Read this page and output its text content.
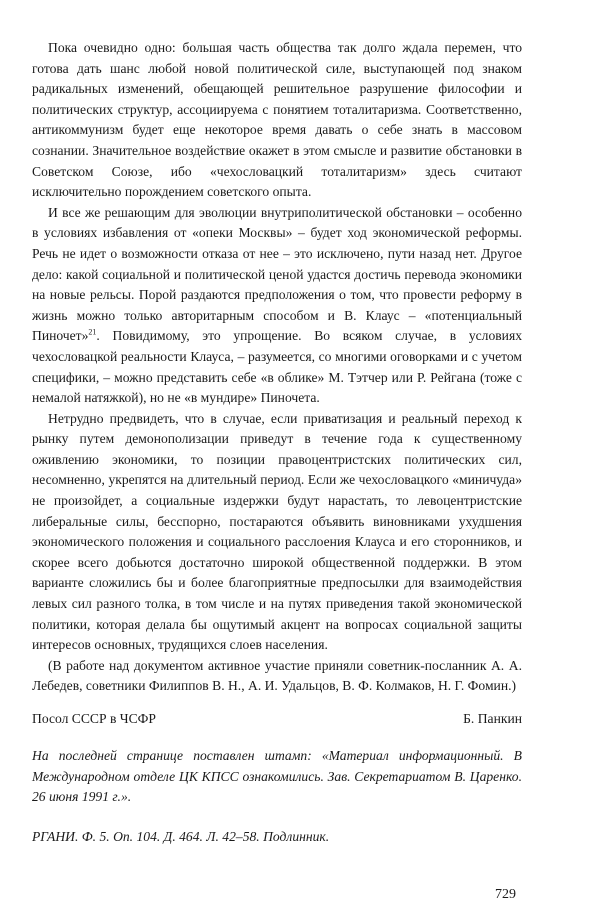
Пока очевидно одно: большая часть общества так долго ждала перемен, что готова дать шанс любой новой политической силе, выступающей под знаком радикальных изменений, обещающей решительное разрушение философии и политических структур, ассоциируема с понятием тоталитаризма. Соответственно, антикоммунизм будет еще некоторое время давать о себе знать в массовом сознании. Значительное воздействие окажет в этом смысле и развитие обстановки в Советском Союзе, ибо «чехословацкий тоталитаризм» здесь считают исключительно порождением советского опыта.

И все же решающим для эволюции внутриполитической обстановки – особенно в условиях избавления от «опеки Москвы» – будет ход экономической реформы. Речь не идет о возможности отказа от нее – это исключено, пути назад нет. Другое дело: какой социальной и политической ценой удастся достичь перевода экономики на новые рельсы. Порой раздаются предположения о том, что провести реформу в жизнь можно только авторитарным способом и В. Клаус – «потенциальный Пиночет»$^{21}$. Повидимому, это упрощение. Во всяком случае, в условиях чехословацкой реальности Клауса, – разумеется, со многими оговорками и с учетом специфики, – можно представить себе «в облике» М. Тэтчер или Р. Рейгана (тоже с немалой натяжкой), но не «в мундире» Пиночета.

Нетрудно предвидеть, что в случае, если приватизация и реальный переход к рынку путем демонополизации приведут в течение года к существенному оживлению экономики, то позиции правоцентристских политических сил, несомненно, укрепятся на длительный период. Если же чехословацкого «миничуда» не произойдет, а социальные издержки будут нарастать, то левоцентристские либеральные силы, бесспорно, постараются объявить виновниками ухудшения экономического положения и социального расслоения Клауса и его сторонников, и скорее всего добьются достаточно широкой общественной поддержки. В этом варианте сложились бы и более благоприятные предпосылки для взаимодействия левых сил разного толка, в том числе и на путях приведения такой экономической политики, которая делала бы ощутимый акцент на вопросах социальной защиты интересов основных, трудящихся слоев населения.

(В работе над документом активное участие приняли советник-посланник А. А. Лебедев, советники Филиппов В. Н., А. И. Удальцов, В. Ф. Колмаков, Н. Г. Фомин.)

Посол СССР в ЧСФР	Б. Панкин

На последней странице поставлен штамп: «Материал информационный. В Международном отделе ЦК КПСС ознакомились. Зав. Секретариатом В. Царенко. 26 июня 1991 г.».

РГАНИ. Ф. 5. Оп. 104. Д. 464. Л. 42–58. Подлинник.

729
